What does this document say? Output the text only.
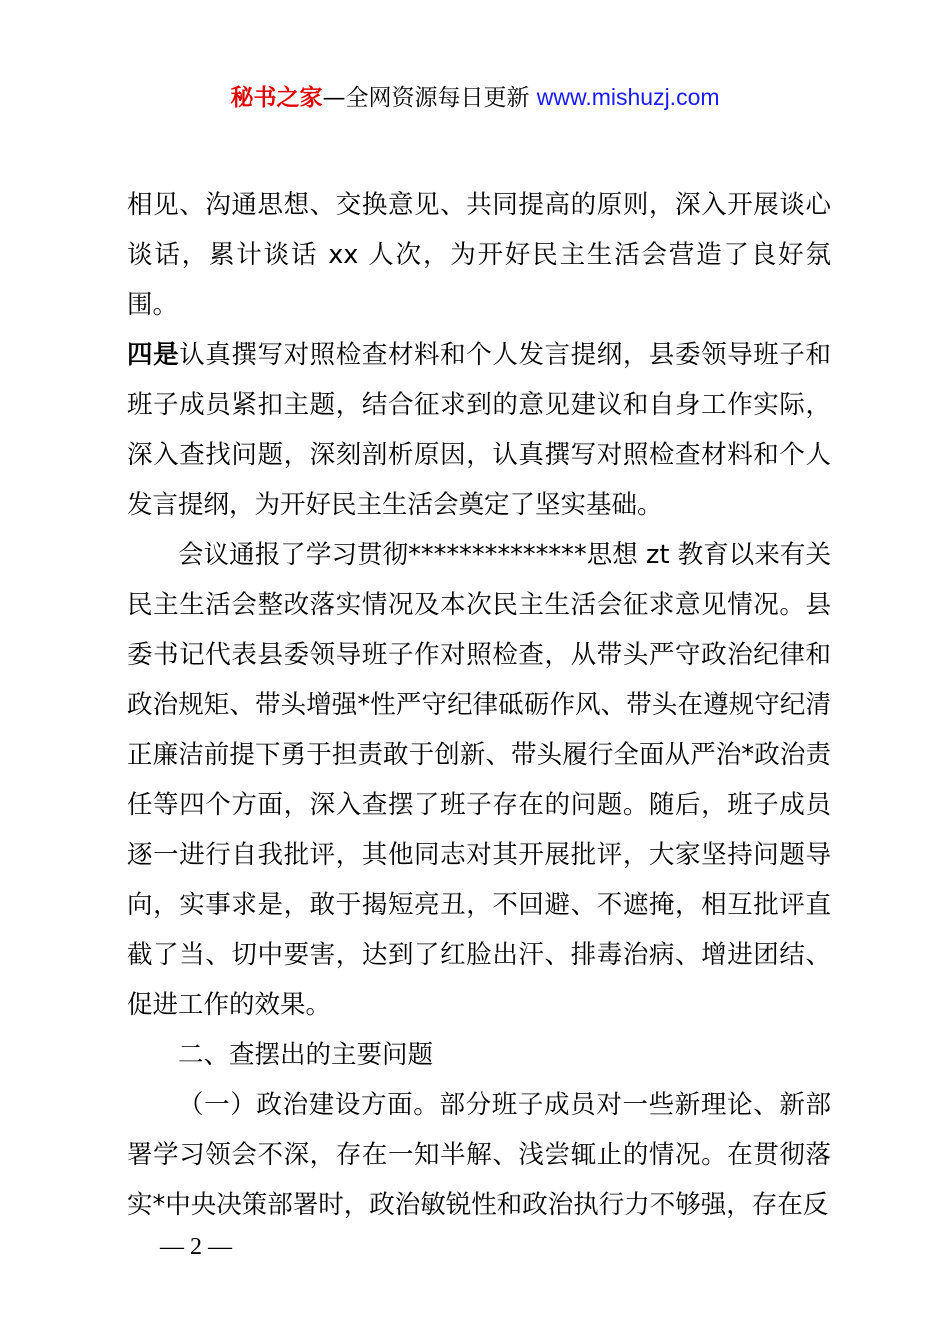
秘书之家—全网资源每日更新 www.mishuzj.com

相见、沟通思想、交换意见、共同提高的原则，深入开展谈心谈话，累计谈话 xx 人次，为开好民主生活会营造了良好氛围。

四是认真撰写对照检查材料和个人发言提纲，县委领导班子和班子成员紧扣主题，结合征求到的意见建议和自身工作实际，深入查找问题，深刻剖析原因，认真撰写对照检查材料和个人发言提纲，为开好民主生活会奠定了坚实基础。

会议通报了学习贯彻**************思想 zt 教育以来有关民主生活会整改落实情况及本次民主生活会征求意见情况。县委书记代表县委领导班子作对照检查，从带头严守政治纪律和政治规矩、带头增强*性严守纪律砥砺作风、带头在遵规守纪清正廉洁前提下勇于担责敢于创新、带头履行全面从严治*政治责任等四个方面，深入查摆了班子存在的问题。随后，班子成员逐一进行自我批评，其他同志对其开展批评，大家坚持问题导向，实事求是，敢于揭短亮丑，不回避、不遮掩，相互批评直截了当、切中要害，达到了红脸出汗、排毒治病、增进团结、促进工作的效果。

二、查摆出的主要问题

（一）政治建设方面。部分班子成员对一些新理论、新部署学习领会不深，存在一知半解、浅尝辄止的情况。在贯彻落实*中央决策部署时，政治敏锐性和政治执行力不够强，存在反

— 2 —
